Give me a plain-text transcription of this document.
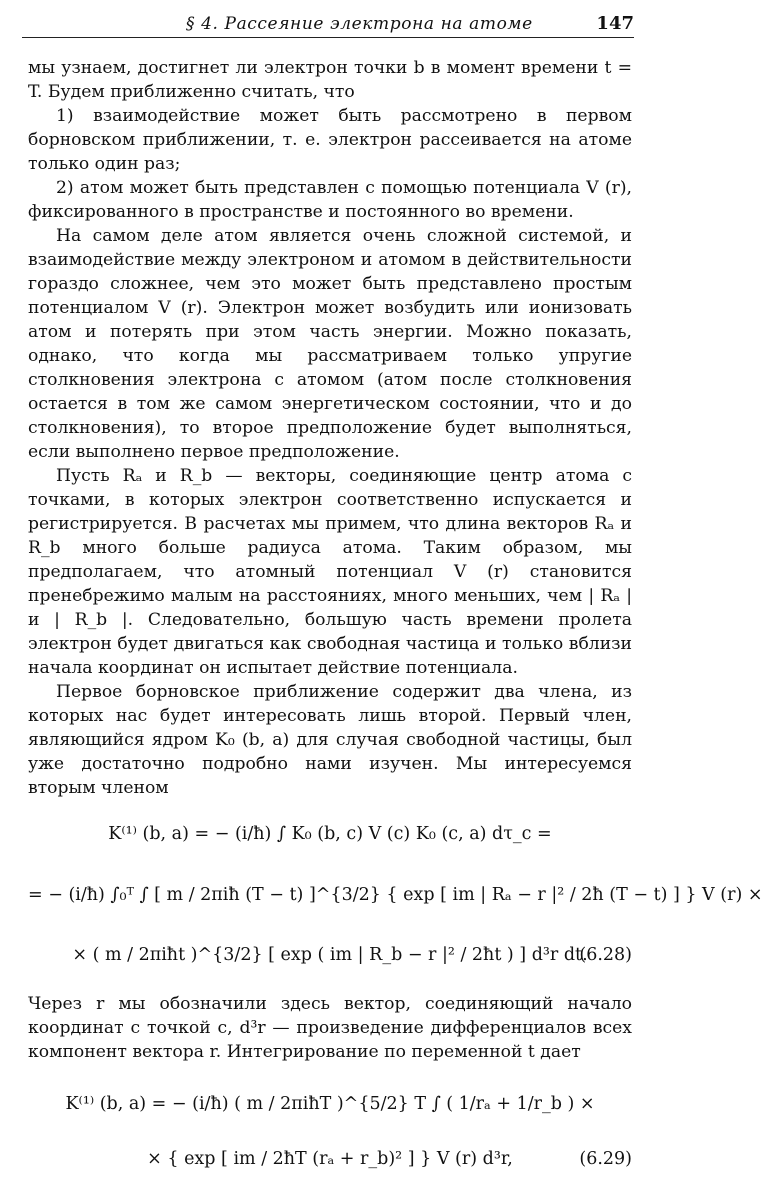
§ 4. Рассеяние электрона на атоме	147

мы узнаем, достигнет ли электрон точки b в момент времени t = T. Будем приближенно считать, что

1) взаимодействие может быть рассмотрено в первом борновском приближении, т. е. электрон рассеивается на атоме только один раз;

2) атом может быть представлен с помощью потенциала V (r), фиксированного в пространстве и постоянного во времени.

На самом деле атом является очень сложной системой, и взаимодействие между электроном и атомом в действительности гораздо сложнее, чем это может быть представлено простым потенциалом V (r). Электрон может возбудить или ионизовать атом и потерять при этом часть энергии. Можно показать, однако, что когда мы рассматриваем только упругие столкновения электрона с атомом (атом после столкновения остается в том же самом энергетическом состоянии, что и до столкновения), то второе предположение будет выполняться, если выполнено первое предположение.

Пусть Rₐ и R_b — векторы, соединяющие центр атома с точками, в которых электрон соответственно испускается и регистрируется. В расчетах мы примем, что длина векторов Rₐ и R_b много больше радиуса атома. Таким образом, мы предполагаем, что атомный потенциал V (r) становится пренебрежимо малым на расстояниях, много меньших, чем | Rₐ | и | R_b |. Следовательно, большую часть времени пролета электрон будет двигаться как свободная частица и только вблизи начала координат он испытает действие потенциала.

Первое борновское приближение содержит два члена, из которых нас будет интересовать лишь второй. Первый член, являющийся ядром K₀ (b, a) для случая свободной частицы, был уже достаточно подробно нами изучен. Мы интересуемся вторым членом

K⁽¹⁾ (b, a) = − (i/ħ) ∫ K₀ (b, c) V (c) K₀ (c, a) dτ_c =
= − (i/ħ) ∫₀ᵀ ∫ [ m / 2πiħ (T − t) ]^{3/2} { exp [ im | Rₐ − r |² / 2ħ (T − t) ] } V (r) ×
× ( m / 2πiħt )^{3/2} [ exp ( im | R_b − r |² / 2ħt ) ] d³r dt.
(6.28)

Через r мы обозначили здесь вектор, соединяющий начало координат с точкой c, d³r — произведение дифференциалов всех компонент вектора r. Интегрирование по переменной t дает

K⁽¹⁾ (b, a) = − (i/ħ) ( m / 2πiħT )^{5/2} T ∫ ( 1/rₐ + 1/r_b ) ×
× { exp [ im / 2ħT (rₐ + r_b)² ] } V (r) d³r,	(6.29)
